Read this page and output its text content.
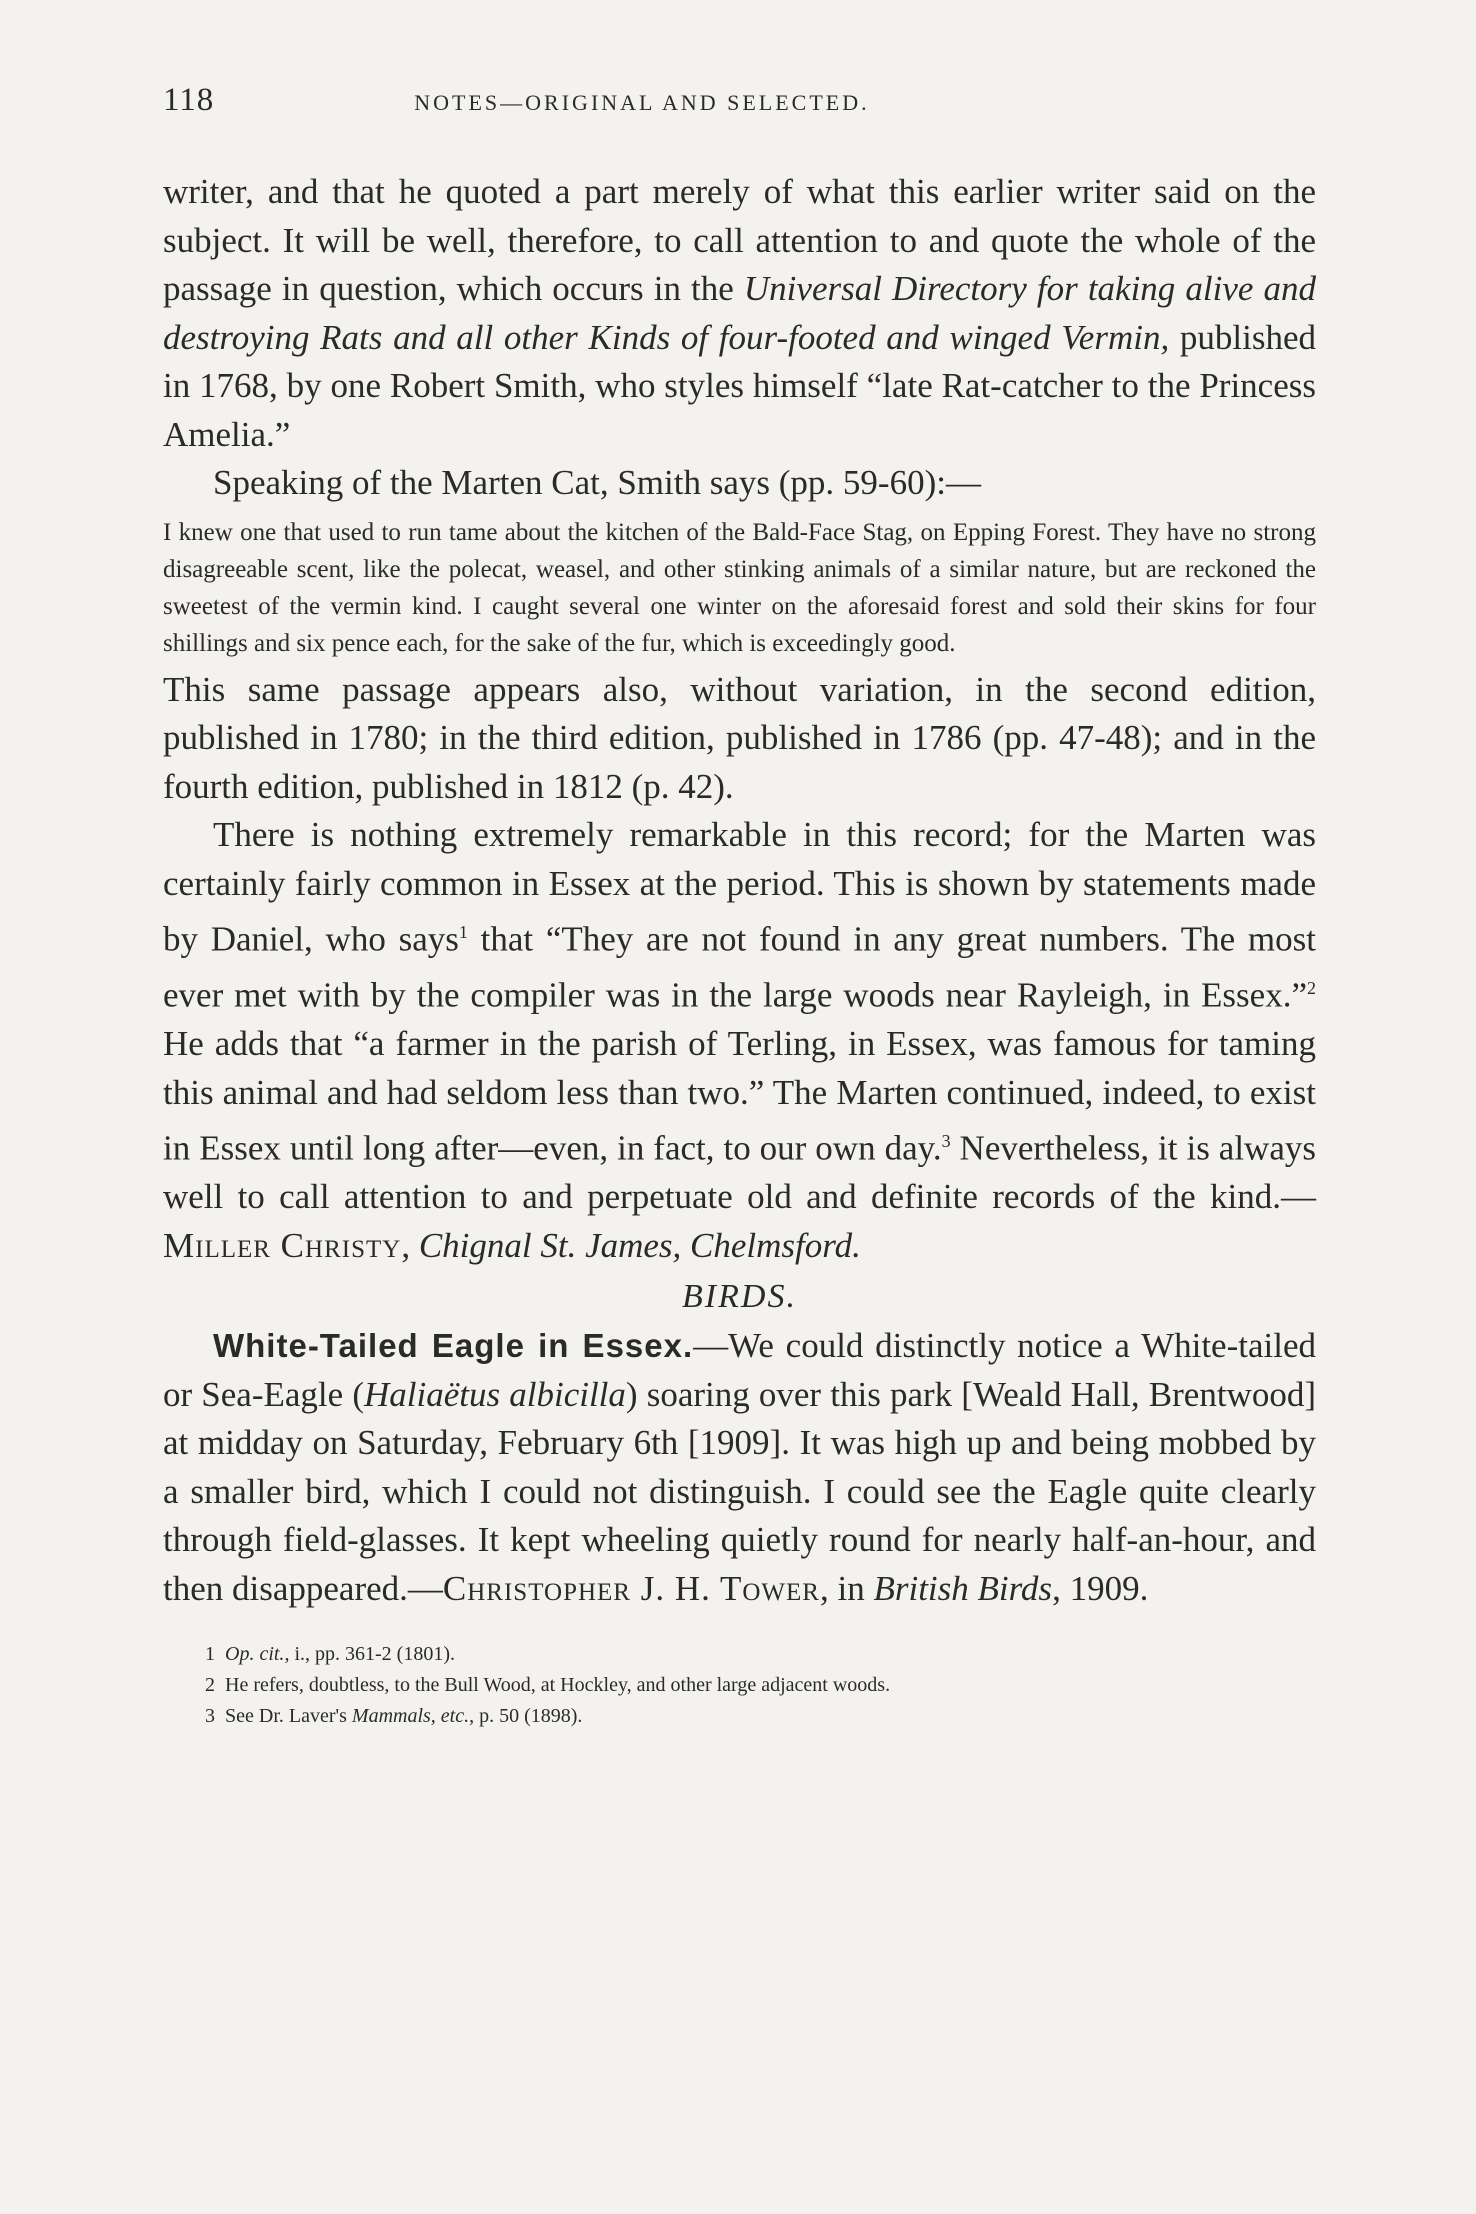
118	NOTES—ORIGINAL AND SELECTED.

writer, and that he quoted a part merely of what this earlier writer said on the subject. It will be well, therefore, to call attention to and quote the whole of the passage in question, which occurs in the Universal Directory for taking alive and destroying Rats and all other Kinds of four-footed and winged Vermin, published in 1768, by one Robert Smith, who styles himself “late Rat-catcher to the Princess Amelia.”

Speaking of the Marten Cat, Smith says (pp. 59-60):—

I knew one that used to run tame about the kitchen of the Bald-Face Stag, on Epping Forest. They have no strong disagreeable scent, like the polecat, weasel, and other stinking animals of a similar nature, but are reckoned the sweetest of the vermin kind. I caught several one winter on the aforesaid forest and sold their skins for four shillings and six pence each, for the sake of the fur, which is exceedingly good.

This same passage appears also, without variation, in the second edition, published in 1780; in the third edition, published in 1786 (pp. 47-48); and in the fourth edition, published in 1812 (p. 42).

There is nothing extremely remarkable in this record; for the Marten was certainly fairly common in Essex at the period. This is shown by statements made by Daniel, who says$^1$ that “They are not found in any great numbers. The most ever met with by the compiler was in the large woods near Rayleigh, in Essex.”$^2$ He adds that “a farmer in the parish of Terling, in Essex, was famous for taming this animal and had seldom less than two.” The Marten continued, indeed, to exist in Essex until long after—even, in fact, to our own day.$^3$ Nevertheless, it is always well to call attention to and perpetuate old and definite records of the kind.—Miller Christy, Chignal St. James, Chelmsford.

BIRDS.

White-Tailed Eagle in Essex.—We could distinctly notice a White-tailed or Sea-Eagle (Haliaëtus albicilla) soaring over this park [Weald Hall, Brentwood] at midday on Saturday, February 6th [1909]. It was high up and being mobbed by a smaller bird, which I could not distinguish. I could see the Eagle quite clearly through field-glasses. It kept wheeling quietly round for nearly half-an-hour, and then disappeared.—Christopher J. H. Tower, in British Birds, 1909.

1 Op. cit., i., pp. 361-2 (1801).
2 He refers, doubtless, to the Bull Wood, at Hockley, and other large adjacent woods.
3 See Dr. Laver's Mammals, etc., p. 50 (1898).
